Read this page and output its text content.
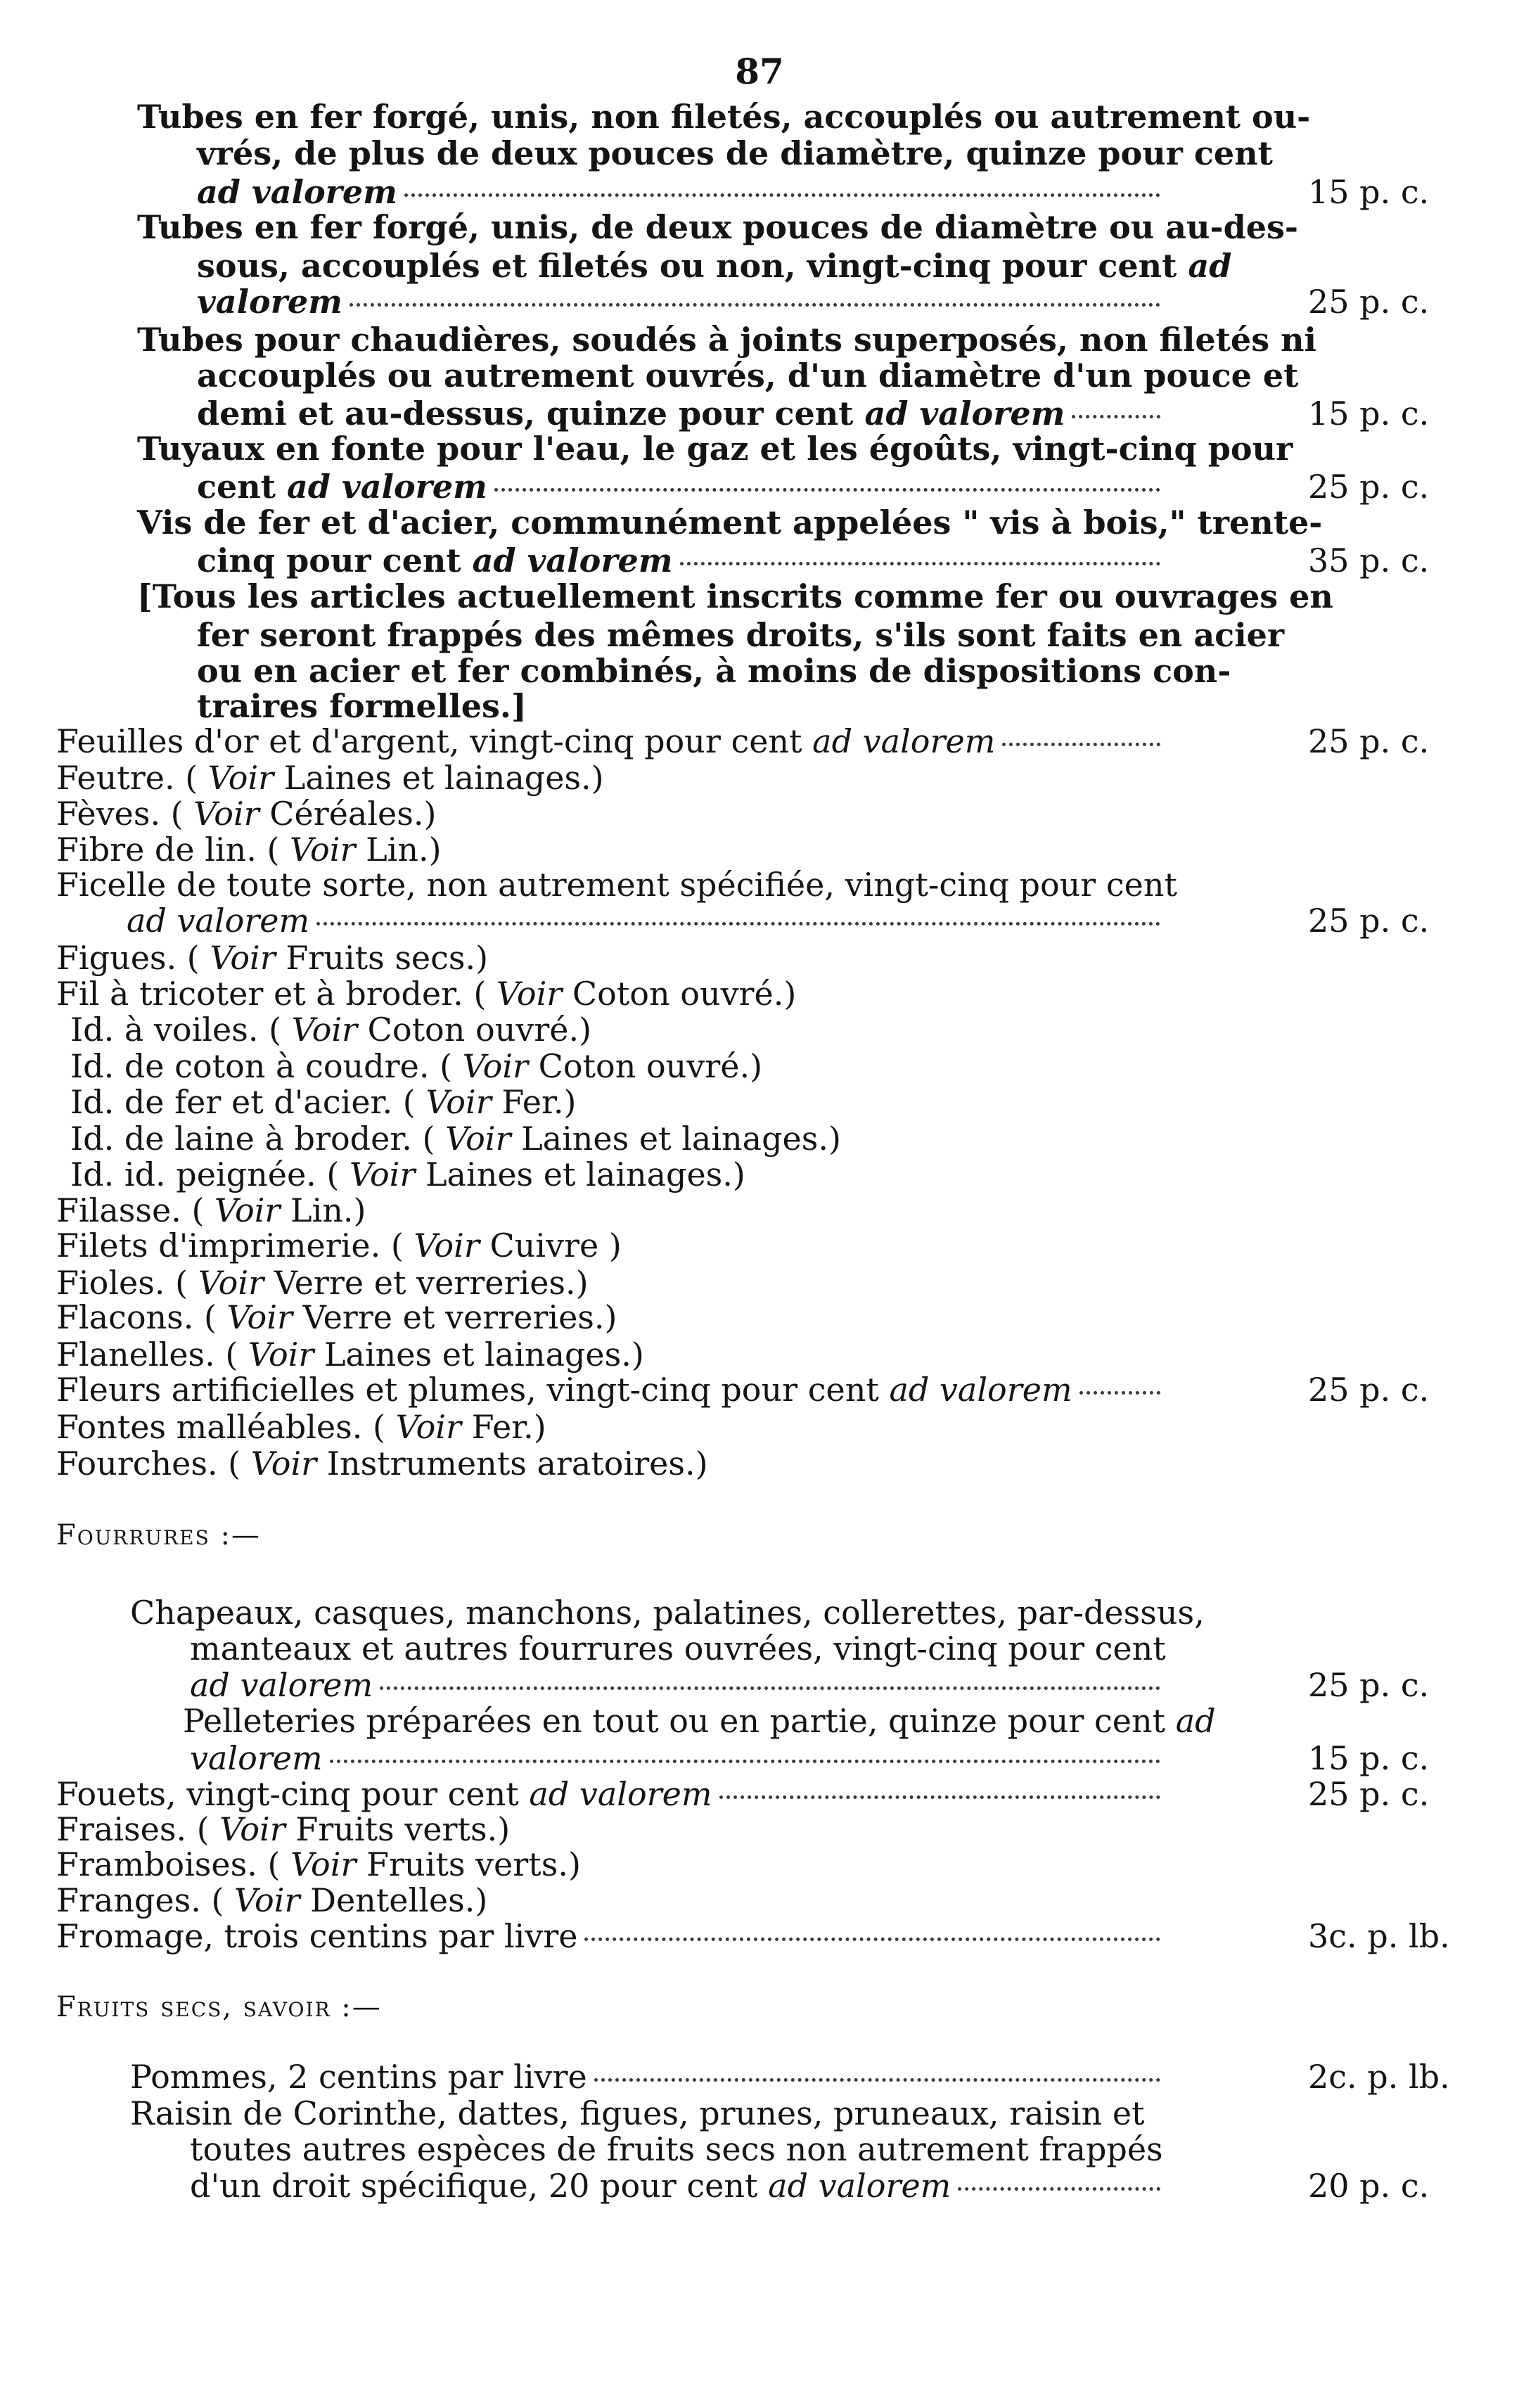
87
Tubes en fer forgé, unis, non filetés, accouplés ou autrement ou-
vrés, de plus de deux pouces de diamètre, quinze pour cent
ad valorem
Tubes en fer forgé, unis, de deux pouces de diamètre ou au-des-
sous, accouplés et filetés ou non, vingt-cinq pour cent ad
valorem
Tubes pour chaudières, soudés à joints superposés, non filetés ni
accouplés ou autrement ouvrés, d'un diamètre d'un pouce et
demi et au-dessus, quinze pour cent ad valorem
Tuyaux en fonte pour l'eau, le gaz et les égoûts, vingt-cinq pour
cent ad valorem
Vis de fer et d'acier, communément appelées " vis à bois," trente-
cinq pour cent ad valorem
[Tous les articles actuellement inscrits comme fer ou ouvrages en
fer seront frappés des mêmes droits, s'ils sont faits en acier
ou en acier et fer combinés, à moins de dispositions con-
traires formelles.]
Feuilles d'or et d'argent, vingt-cinq pour cent ad valorem
Feutre. ( Voir Laines et lainages.)
Fèves. ( Voir Céréales.)
Fibre de lin. ( Voir Lin.)
Ficelle de toute sorte, non autrement spécifiée, vingt-cinq pour cent
ad valorem
Figues. ( Voir Fruits secs.)
Fil à tricoter et à broder. ( Voir Coton ouvré.)
Id. à voiles. ( Voir Coton ouvré.)
Id. de coton à coudre. ( Voir Coton ouvré.)
Id. de fer et d'acier. ( Voir Fer.)
Id. de laine à broder. ( Voir Laines et lainages.)
Id. id. peignée. ( Voir Laines et lainages.)
Filasse. ( Voir Lin.)
Filets d'imprimerie. ( Voir Cuivre )
Fioles. ( Voir Verre et verreries.)
Flacons. ( Voir Verre et verreries.)
Flanelles. ( Voir Laines et lainages.)
Fleurs artificielles et plumes, vingt-cinq pour cent ad valorem
Fontes malléables. ( Voir Fer.)
Fourches. ( Voir Instruments aratoires.)
Fourrures :—
Chapeaux, casques, manchons, palatines, collerettes, par-dessus,
manteaux et autres fourrures ouvrées, vingt-cinq pour cent
ad valorem
Pelleteries préparées en tout ou en partie, quinze pour cent ad
valorem
Fouets, vingt-cinq pour cent ad valorem
Fraises. ( Voir Fruits verts.)
Framboises. ( Voir Fruits verts.)
Franges. ( Voir Dentelles.)
Fromage, trois centins par livre
Fruits secs, savoir :—
Pommes, 2 centins par livre
Raisin de Corinthe, dattes, figues, prunes, pruneaux, raisin et
toutes autres espèces de fruits secs non autrement frappés
d'un droit spécifique, 20 pour cent ad valorem
15 p. c.
25 p. c.
15 p. c.
25 p. c.
35 p. c.
25 p. c.
25 p. c.
25 p. c.
25 p. c.
15 p. c.
25 p. c.
3c. p. lb.
2c. p. lb.
20 p. c.
